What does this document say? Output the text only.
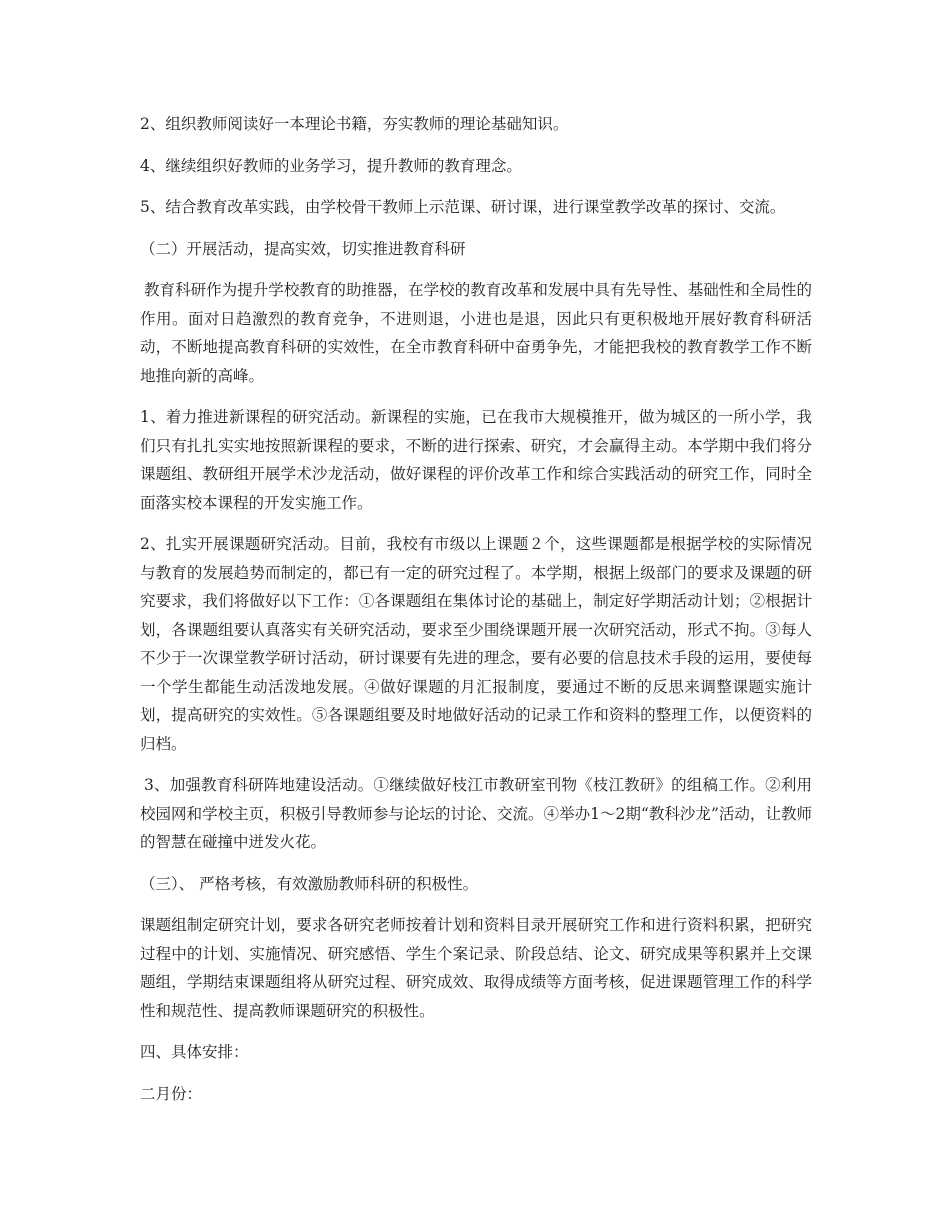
2、组织教师阅读好一本理论书籍，夯实教师的理论基础知识。

4、继续组织好教师的业务学习，提升教师的教育理念。

5、结合教育改革实践，由学校骨干教师上示范课、研讨课，进行课堂教学改革的探讨、交流。

（二）开展活动，提高实效，切实推进教育科研

教育科研作为提升学校教育的助推器，在学校的教育改革和发展中具有先导性、基础性和全局性的作用。面对日趋激烈的教育竞争，不进则退，小进也是退，因此只有更积极地开展好教育科研活动，不断地提高教育科研的实效性，在全市教育科研中奋勇争先，才能把我校的教育教学工作不断地推向新的高峰。

1、着力推进新课程的研究活动。新课程的实施，已在我市大规模推开，做为城区的一所小学，我们只有扎扎实实地按照新课程的要求，不断的进行探索、研究，才会赢得主动。本学期中我们将分课题组、教研组开展学术沙龙活动，做好课程的评价改革工作和综合实践活动的研究工作，同时全面落实校本课程的开发实施工作。

2、扎实开展课题研究活动。目前，我校有市级以上课题２个，这些课题都是根据学校的实际情况与教育的发展趋势而制定的，都已有一定的研究过程了。本学期，根据上级部门的要求及课题的研究要求，我们将做好以下工作：①各课题组在集体讨论的基础上，制定好学期活动计划；②根据计划，各课题组要认真落实有关研究活动，要求至少围绕课题开展一次研究活动，形式不拘。③每人不少于一次课堂教学研讨活动，研讨课要有先进的理念，要有必要的信息技术手段的运用，要使每一个学生都能生动活泼地发展。④做好课题的月汇报制度，要通过不断的反思来调整课题实施计划，提高研究的实效性。⑤各课题组要及时地做好活动的记录工作和资料的整理工作，以便资料的归档。

3、加强教育科研阵地建设活动。①继续做好枝江市教研室刊物《枝江教研》的组稿工作。②利用校园网和学校主页，积极引导教师参与论坛的讨论、交流。④举办1～2期“教科沙龙”活动，让教师的智慧在碰撞中迸发火花。

（三）、 严格考核，有效激励教师科研的积极性。

课题组制定研究计划，要求各研究老师按着计划和资料目录开展研究工作和进行资料积累，把研究过程中的计划、实施情况、研究感悟、学生个案记录、阶段总结、论文、研究成果等积累并上交课题组，学期结束课题组将从研究过程、研究成效、取得成绩等方面考核，促进课题管理工作的科学性和规范性、提高教师课题研究的积极性。

四、具体安排：

二月份：
